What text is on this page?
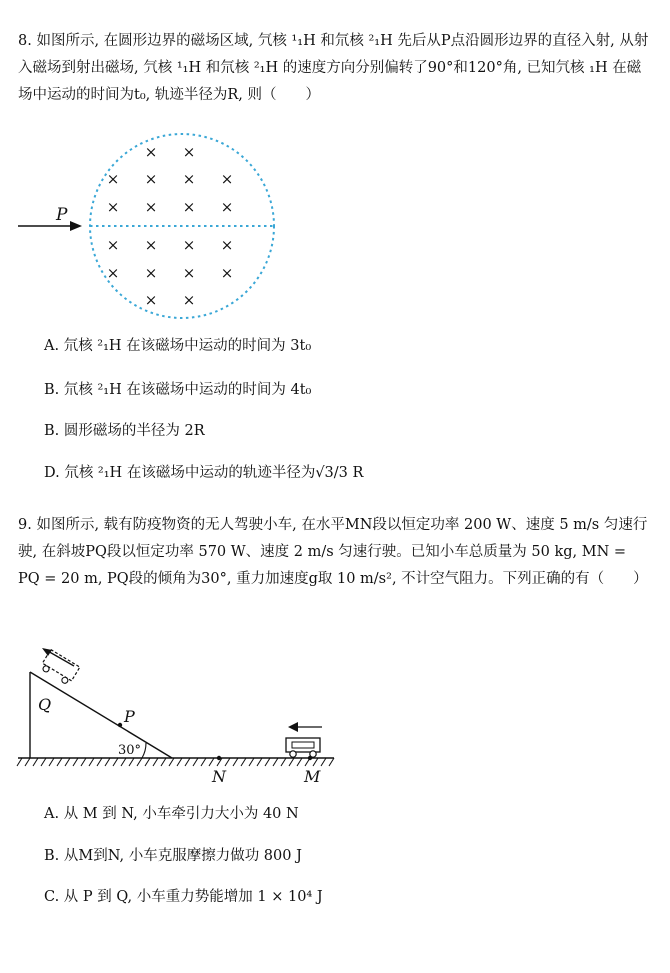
8. 如图所示, 在圆形边界的磁场区域, 氕核 ¹₁H 和氘核 ²₁H 先后从P点沿圆形边界的直径入射, 从射入磁场到射出磁场, 氕核 ¹₁H 和氘核 ²₁H 的速度方向分别偏转了90°和120°角, 已知氕核 ₁H 在磁场中运动的时间为t₀, 轨迹半径为R, 则（　　）
P
× ×
× × × ×
× × × ×
× × × ×
× × × ×
× ×
A. 氘核 ²₁H 在该磁场中运动的时间为 3t₀
B. 氘核 ²₁H 在该磁场中运动的时间为 4t₀
B. 圆形磁场的半径为 2R
D. 氘核 ²₁H 在该磁场中运动的轨迹半径为√3/3 R
9. 如图所示, 载有防疫物资的无人驾驶小车, 在水平MN段以恒定功率 200 W、速度 5 m/s 匀速行驶, 在斜坡PQ段以恒定功率 570 W、速度 2 m/s 匀速行驶。已知小车总质量为 50 kg, MN = PQ = 20 m, PQ段的倾角为30°, 重力加速度g取 10 m/s², 不计空气阻力。下列正确的有（　　）
30°
Q
P
N	M
A. 从 M 到 N, 小车牵引力大小为 40 N
B. 从M到N, 小车克服摩擦力做功 800 J
C. 从 P 到 Q, 小车重力势能增加 1 × 10⁴ J
